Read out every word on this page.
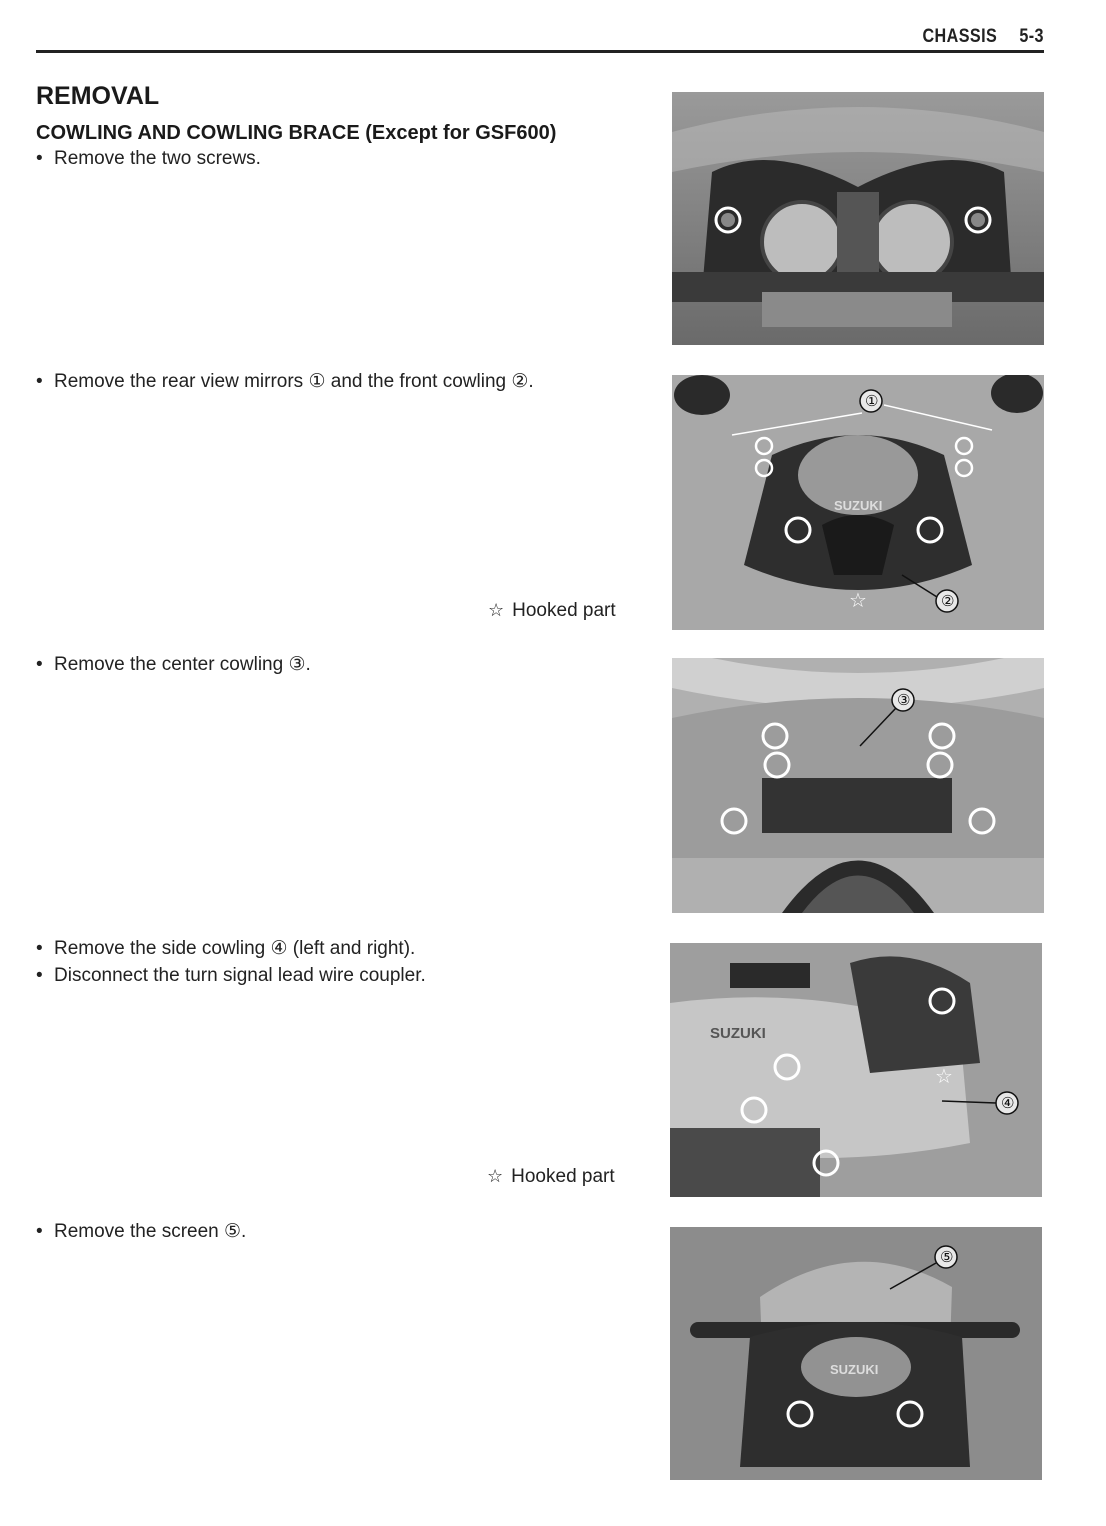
CHASSIS 5-3
REMOVAL
COWLING AND COWLING BRACE (Except for GSF600)
• Remove the two screws.
• Remove the rear view mirrors ① and the front cowling ②.
☆ Hooked part
• Remove the center cowling ③.
• Remove the side cowling ④ (left and right).
• Disconnect the turn signal lead wire coupler.
☆ Hooked part
• Remove the screen ⑤.
SUZUKI
①
②
☆
③
SUZUKI
☆
④
SUZUKI
⑤
